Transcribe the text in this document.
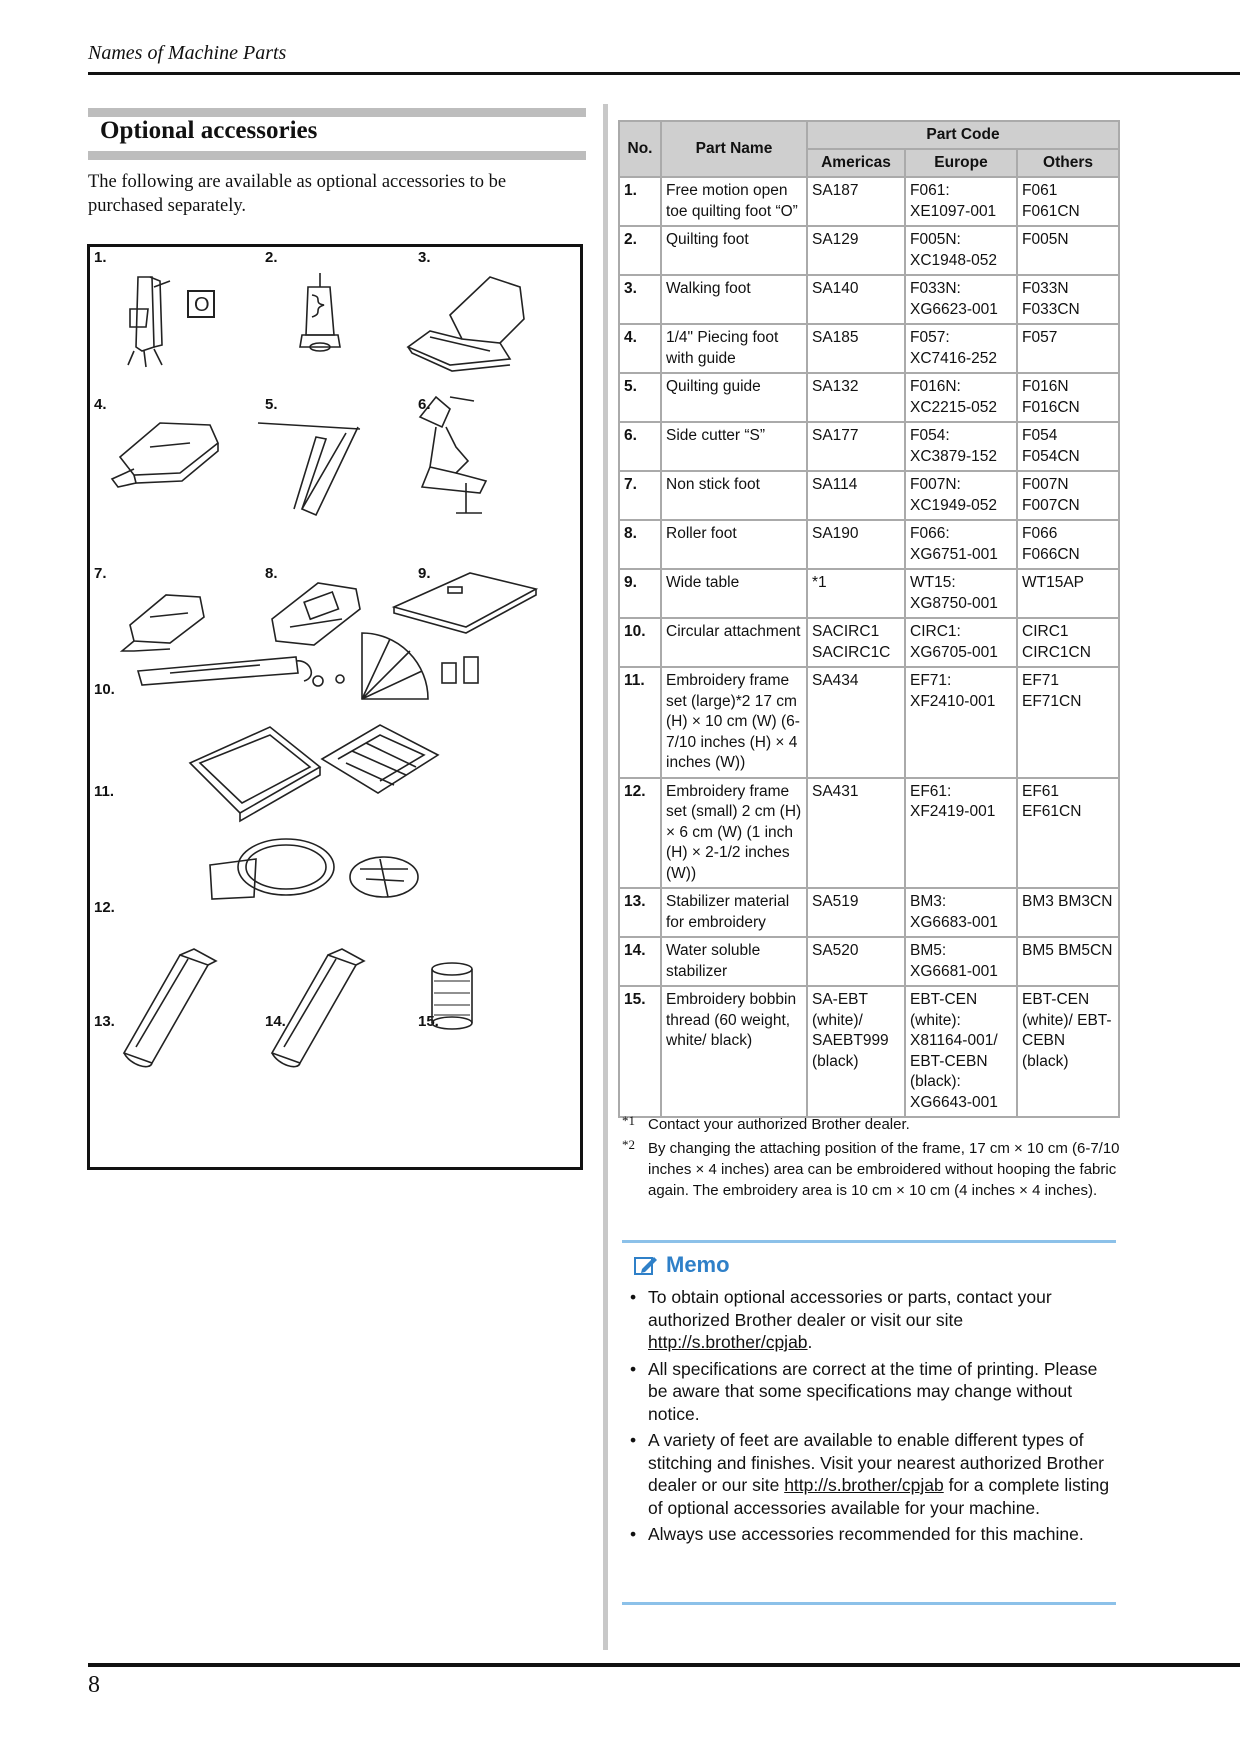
Names of Machine Parts
Optional accessories
The following are available as optional accessories to be purchased separately.
1.	2.	3.
4.	5.	6.
7.	8.	9.
10.
11.
12.
13.	14.	15.
O
No.	Part Name	Part Code		
		Americas	Europe	Others
1.	Free motion open toe quilting foot “O”	SA187	F061: XE1097-001	F061 F061CN
2.	Quilting foot	SA129	F005N: XC1948-052	F005N
3.	Walking foot	SA140	F033N: XG6623-001	F033N F033CN
4.	1/4" Piecing foot with guide	SA185	F057: XC7416-252	F057
5.	Quilting guide	SA132	F016N: XC2215-052	F016N F016CN
6.	Side cutter “S”	SA177	F054: XC3879-152	F054 F054CN
7.	Non stick foot	SA114	F007N: XC1949-052	F007N F007CN
8.	Roller foot	SA190	F066: XG6751-001	F066 F066CN
9.	Wide table	*1	WT15: XG8750-001	WT15AP
10.	Circular attachment	SACIRC1 SACIRC1C	CIRC1: XG6705-001	CIRC1 CIRC1CN
11.	Embroidery frame set (large)*2 17 cm (H) × 10 cm (W) (6-7/10 inches (H) × 4 inches (W))	SA434	EF71: XF2410-001	EF71 EF71CN
12.	Embroidery frame set (small) 2 cm (H) × 6 cm (W) (1 inch (H) × 2-1/2 inches (W))	SA431	EF61: XF2419-001	EF61 EF61CN
13.	Stabilizer material for embroidery	SA519	BM3: XG6683-001	BM3 BM3CN
14.	Water soluble stabilizer	SA520	BM5: XG6681-001	BM5 BM5CN
15.	Embroidery bobbin thread (60 weight, white/ black)	SA-EBT (white)/ SAEBT999 (black)	EBT-CEN (white): X81164-001/ EBT-CEBN (black): XG6643-001	EBT-CEN (white)/ EBT-CEBN (black)
*1 Contact your authorized Brother dealer.
*2 By changing the attaching position of the frame, 17 cm × 10 cm (6-7/10 inches × 4 inches) area can be embroidered without hooping the fabric again. The embroidery area is 10 cm × 10 cm (4 inches × 4 inches).
Memo
• To obtain optional accessories or parts, contact your authorized Brother dealer or visit our site http://s.brother/cpjab.
• All specifications are correct at the time of printing. Please be aware that some specifications may change without notice.
• A variety of feet are available to enable different types of stitching and finishes. Visit your nearest authorized Brother dealer or our site http://s.brother/cpjab for a complete listing of optional accessories available for your machine.
• Always use accessories recommended for this machine.
8
